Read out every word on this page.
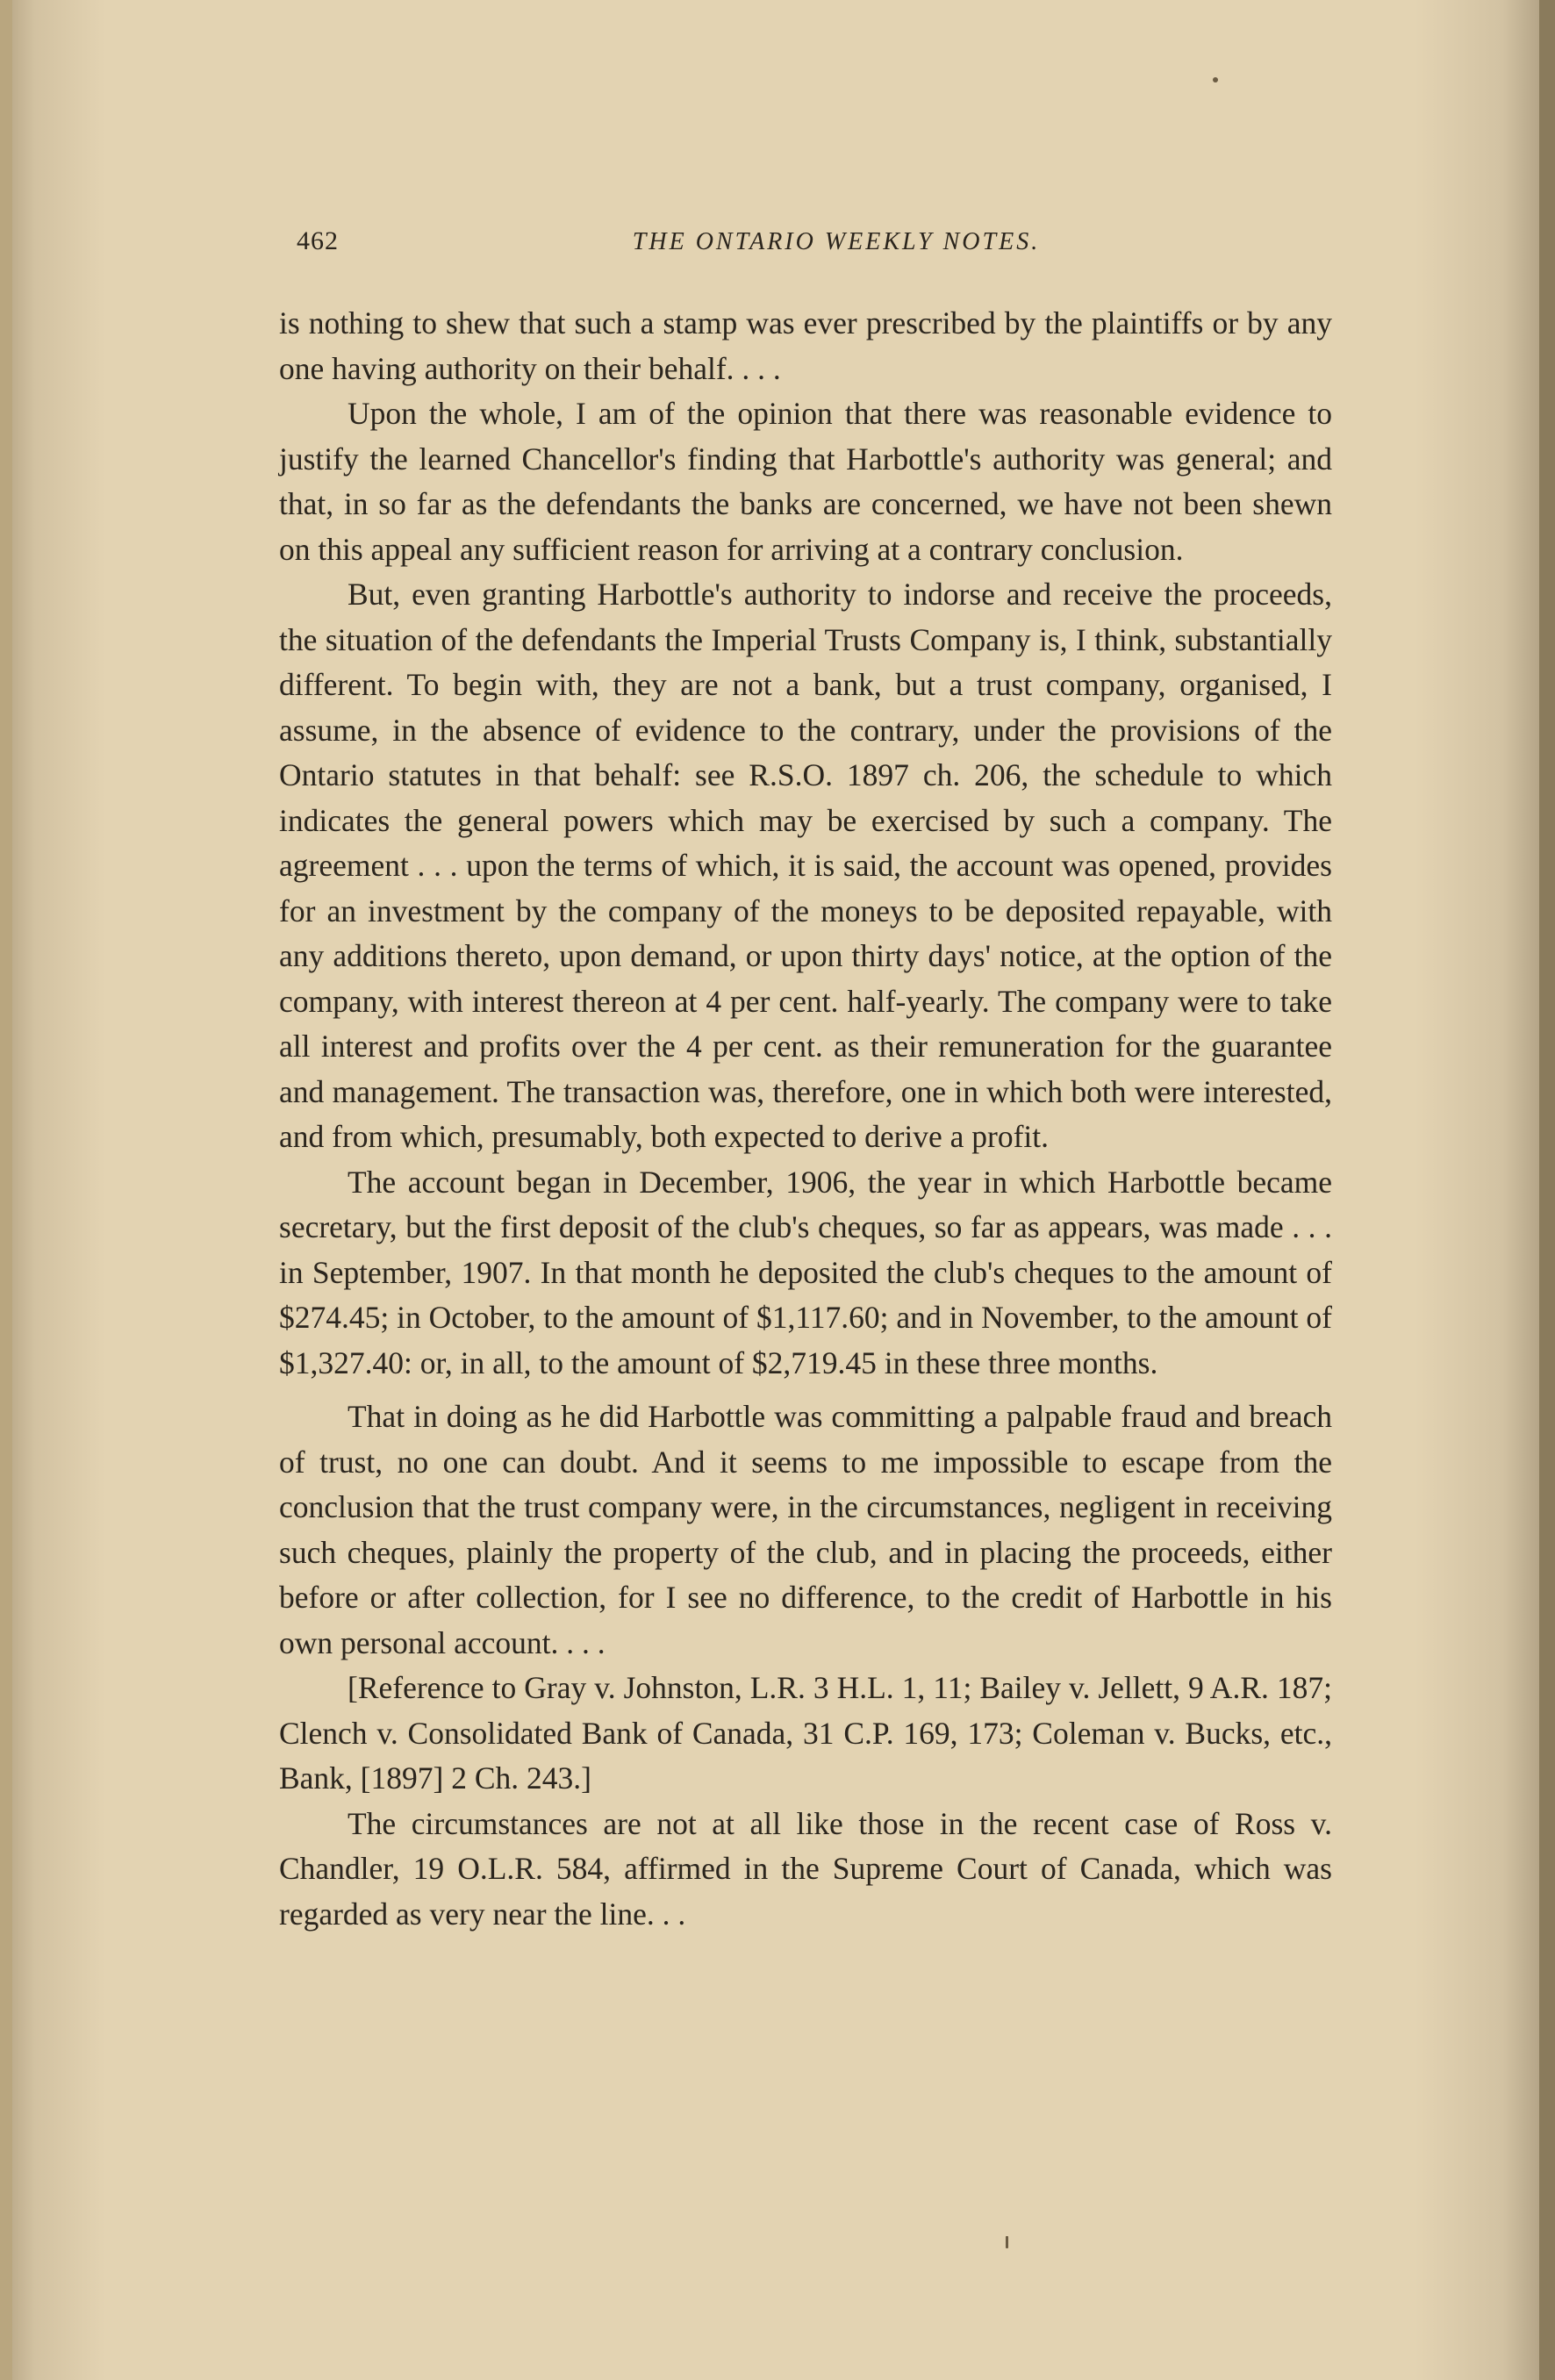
462	THE ONTARIO WEEKLY NOTES.

is nothing to shew that such a stamp was ever prescribed by the plaintiffs or by any one having authority on their behalf. . . .

Upon the whole, I am of the opinion that there was reasonable evidence to justify the learned Chancellor's finding that Harbottle's authority was general; and that, in so far as the defendants the banks are concerned, we have not been shewn on this appeal any sufficient reason for arriving at a contrary conclusion.

But, even granting Harbottle's authority to indorse and receive the proceeds, the situation of the defendants the Imperial Trusts Company is, I think, substantially different. To begin with, they are not a bank, but a trust company, organised, I assume, in the absence of evidence to the contrary, under the provisions of the Ontario statutes in that behalf: see R.S.O. 1897 ch. 206, the schedule to which indicates the general powers which may be exercised by such a company. The agreement . . . upon the terms of which, it is said, the account was opened, provides for an investment by the company of the moneys to be deposited repayable, with any additions thereto, upon demand, or upon thirty days' notice, at the option of the company, with interest thereon at 4 per cent. half-yearly. The company were to take all interest and profits over the 4 per cent. as their remuneration for the guarantee and management. The transaction was, therefore, one in which both were interested, and from which, presumably, both expected to derive a profit.

The account began in December, 1906, the year in which Harbottle became secretary, but the first deposit of the club's cheques, so far as appears, was made . . . in September, 1907. In that month he deposited the club's cheques to the amount of $274.45; in October, to the amount of $1,117.60; and in November, to the amount of $1,327.40: or, in all, to the amount of $2,719.45 in these three months.

That in doing as he did Harbottle was committing a palpable fraud and breach of trust, no one can doubt. And it seems to me impossible to escape from the conclusion that the trust company were, in the circumstances, negligent in receiving such cheques, plainly the property of the club, and in placing the proceeds, either before or after collection, for I see no difference, to the credit of Harbottle in his own personal account. . . .

[Reference to Gray v. Johnston, L.R. 3 H.L. 1, 11; Bailey v. Jellett, 9 A.R. 187; Clench v. Consolidated Bank of Canada, 31 C.P. 169, 173; Coleman v. Bucks, etc., Bank, [1897] 2 Ch. 243.]

The circumstances are not at all like those in the recent case of Ross v. Chandler, 19 O.L.R. 584, affirmed in the Supreme Court of Canada, which was regarded as very near the line. . .
